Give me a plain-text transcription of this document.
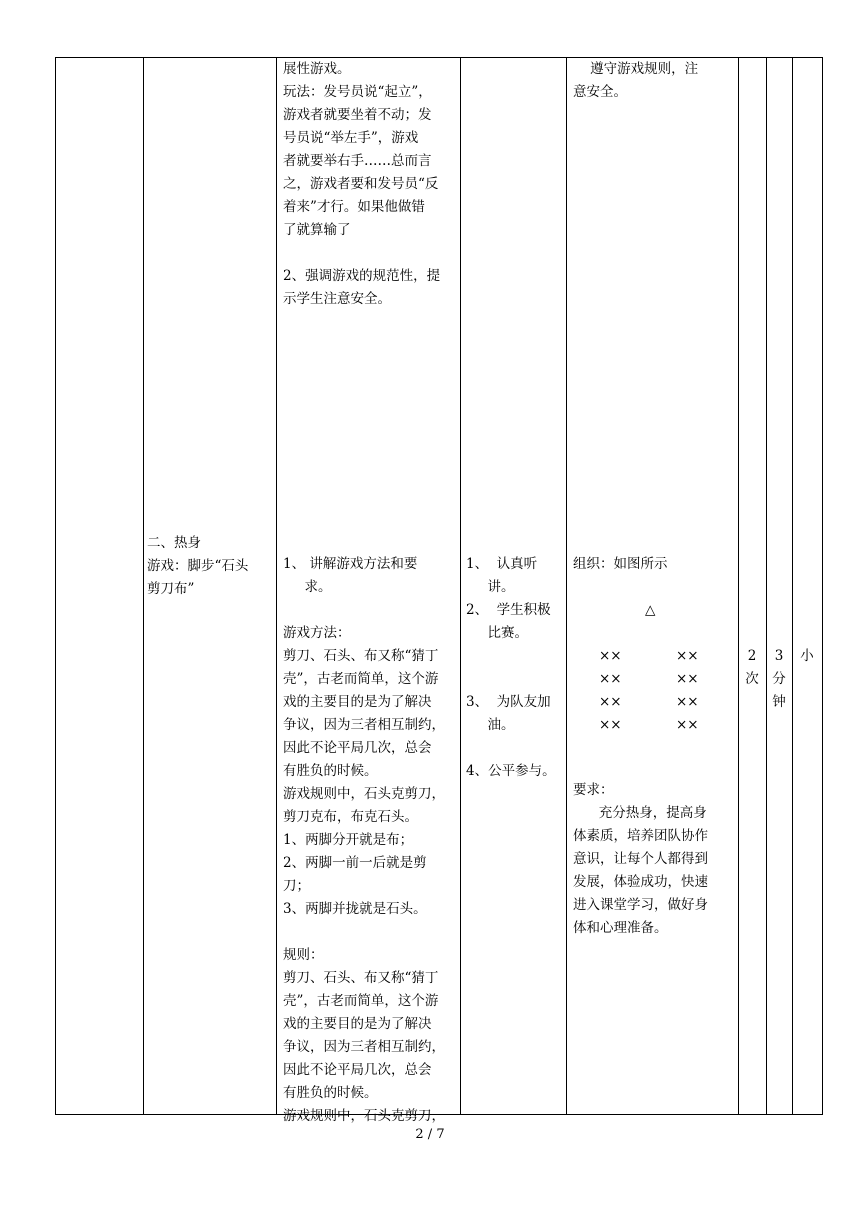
展性游戏。

玩法：发号员说“起立”，

游戏者就要坐着不动；发

号员说“举左手”，游戏

者就要举右手……总而言

之，游戏者要和发号员“反

着来”才行。如果他做错

了就算输了

2、强调游戏的规范性，提

示学生注意安全。

遵守游戏规则，注

意安全。

二、热身

游戏：脚步“石头

剪刀布”

1、 讲解游戏方法和要

求。

游戏方法：

剪刀、石头、布又称“猜丁

壳”，古老而简单，这个游

戏的主要目的是为了解决

争议，因为三者相互制约，

因此不论平局几次，总会

有胜负的时候。

游戏规则中，石头克剪刀，

剪刀克布，布克石头。

1、两脚分开就是布；

2、两脚一前一后就是剪

刀；

3、两脚并拢就是石头。

规则：

剪刀、石头、布又称“猜丁

壳”，古老而简单，这个游

戏的主要目的是为了解决

争议，因为三者相互制约，

因此不论平局几次，总会

有胜负的时候。

游戏规则中，石头克剪刀，

1、  认真听

讲。

2、  学生积极

比赛。

3、  为队友加

油。

4、公平参与。

组织：如图所示
△

××

××

××

××

××

××

××

××

要求：

充分热身，提高身

体素质，培养团队协作

意识，让每个人都得到

发展，体验成功，快速

进入课堂学习，做好身

体和心理准备。

2

次

3

分

钟

小
2 / 7
